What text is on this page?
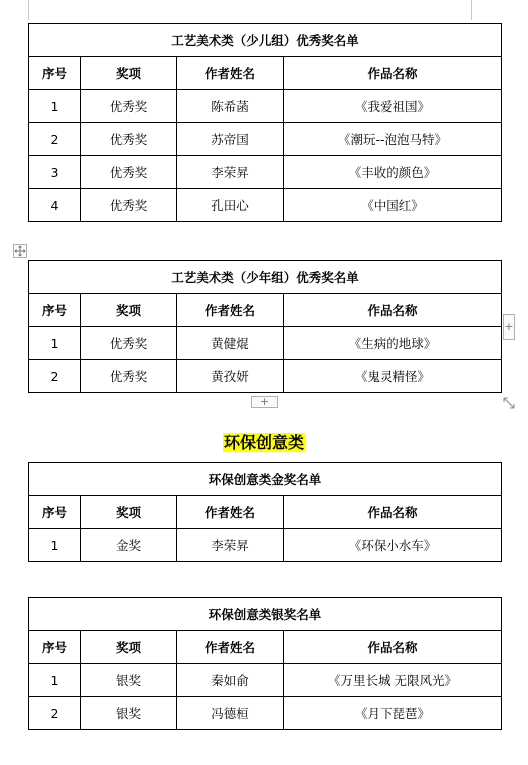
工艺美术类（少儿组）优秀奖名单			
序号	奖项	作者姓名	作品名称
1	优秀奖	陈希菡	《我爱祖国》
2	优秀奖	苏帝国	《潮玩--泡泡马特》
3	优秀奖	李荣昇	《丰收的颜色》
4	优秀奖	孔田心	《中国红》
工艺美术类（少年组）优秀奖名单			
序号	奖项	作者姓名	作品名称
1	优秀奖	黄健焜	《生病的地球》
2	优秀奖	黄孜妍	《鬼灵精怪》
+
+
环保创意类
环保创意类金奖名单			
序号	奖项	作者姓名	作品名称
1	金奖	李荣昇	《环保小水车》
环保创意类银奖名单			
序号	奖项	作者姓名	作品名称
1	银奖	秦如俞	《万里长城 无限风光》
2	银奖	冯德桓	《月下琵琶》
